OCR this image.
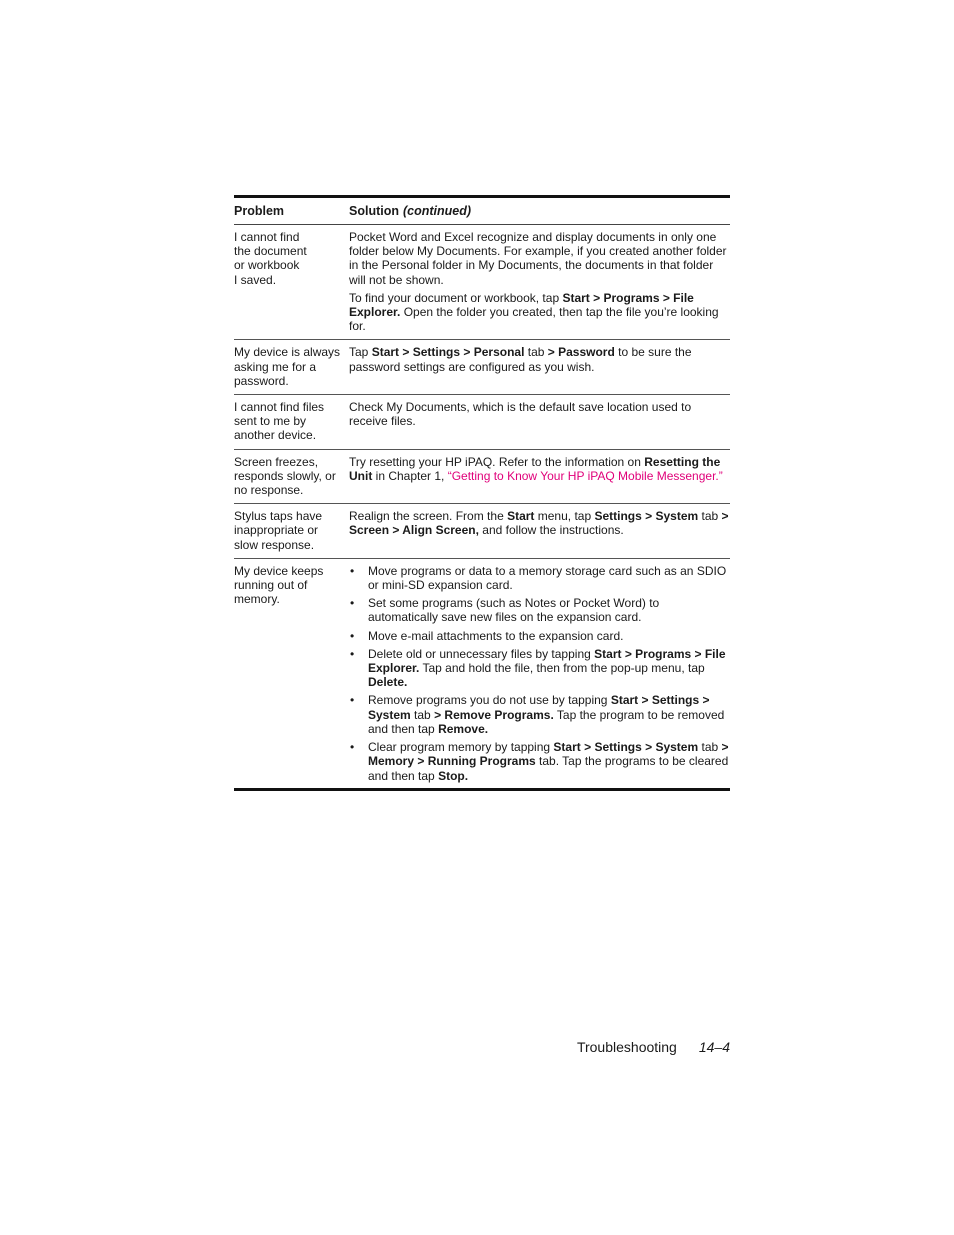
Problem	Solution (continued)
I cannot find
the document
or workbook
I saved.

Pocket Word and Excel recognize and display documents in only one folder below My Documents. For example, if you created another folder in the Personal folder in My Documents, the documents in that folder will not be shown.

To find your document or workbook, tap Start > Programs > File Explorer. Open the folder you created, then tap the file you’re looking for.

My device is always asking me for a password.

Tap Start > Settings > Personal tab > Password to be sure the password settings are configured as you wish.

I cannot find files sent to me by another device.

Check My Documents, which is the default save location used to receive files.

Screen freezes, responds slowly, or no response.

Try resetting your HP iPAQ. Refer to the information on Resetting the Unit in Chapter 1, “Getting to Know Your HP iPAQ Mobile Messenger.”

Stylus taps have inappropriate or slow response.

Realign the screen. From the Start menu, tap Settings > System tab > Screen > Align Screen, and follow the instructions.

My device keeps running out of memory.
• Move programs or data to a memory storage card such as an SDIO or mini-SD expansion card.
• Set some programs (such as Notes or Pocket Word) to automatically save new files on the expansion card.
• Move e-mail attachments to the expansion card.
• Delete old or unnecessary files by tapping Start > Programs > File Explorer. Tap and hold the file, then from the pop-up menu, tap Delete.
• Remove programs you do not use by tapping Start > Settings > System tab > Remove Programs. Tap the program to be removed and then tap Remove.
• Clear program memory by tapping Start > Settings > System tab > Memory > Running Programs tab. Tap the programs to be cleared and then tap Stop.
Troubleshooting 14–4
